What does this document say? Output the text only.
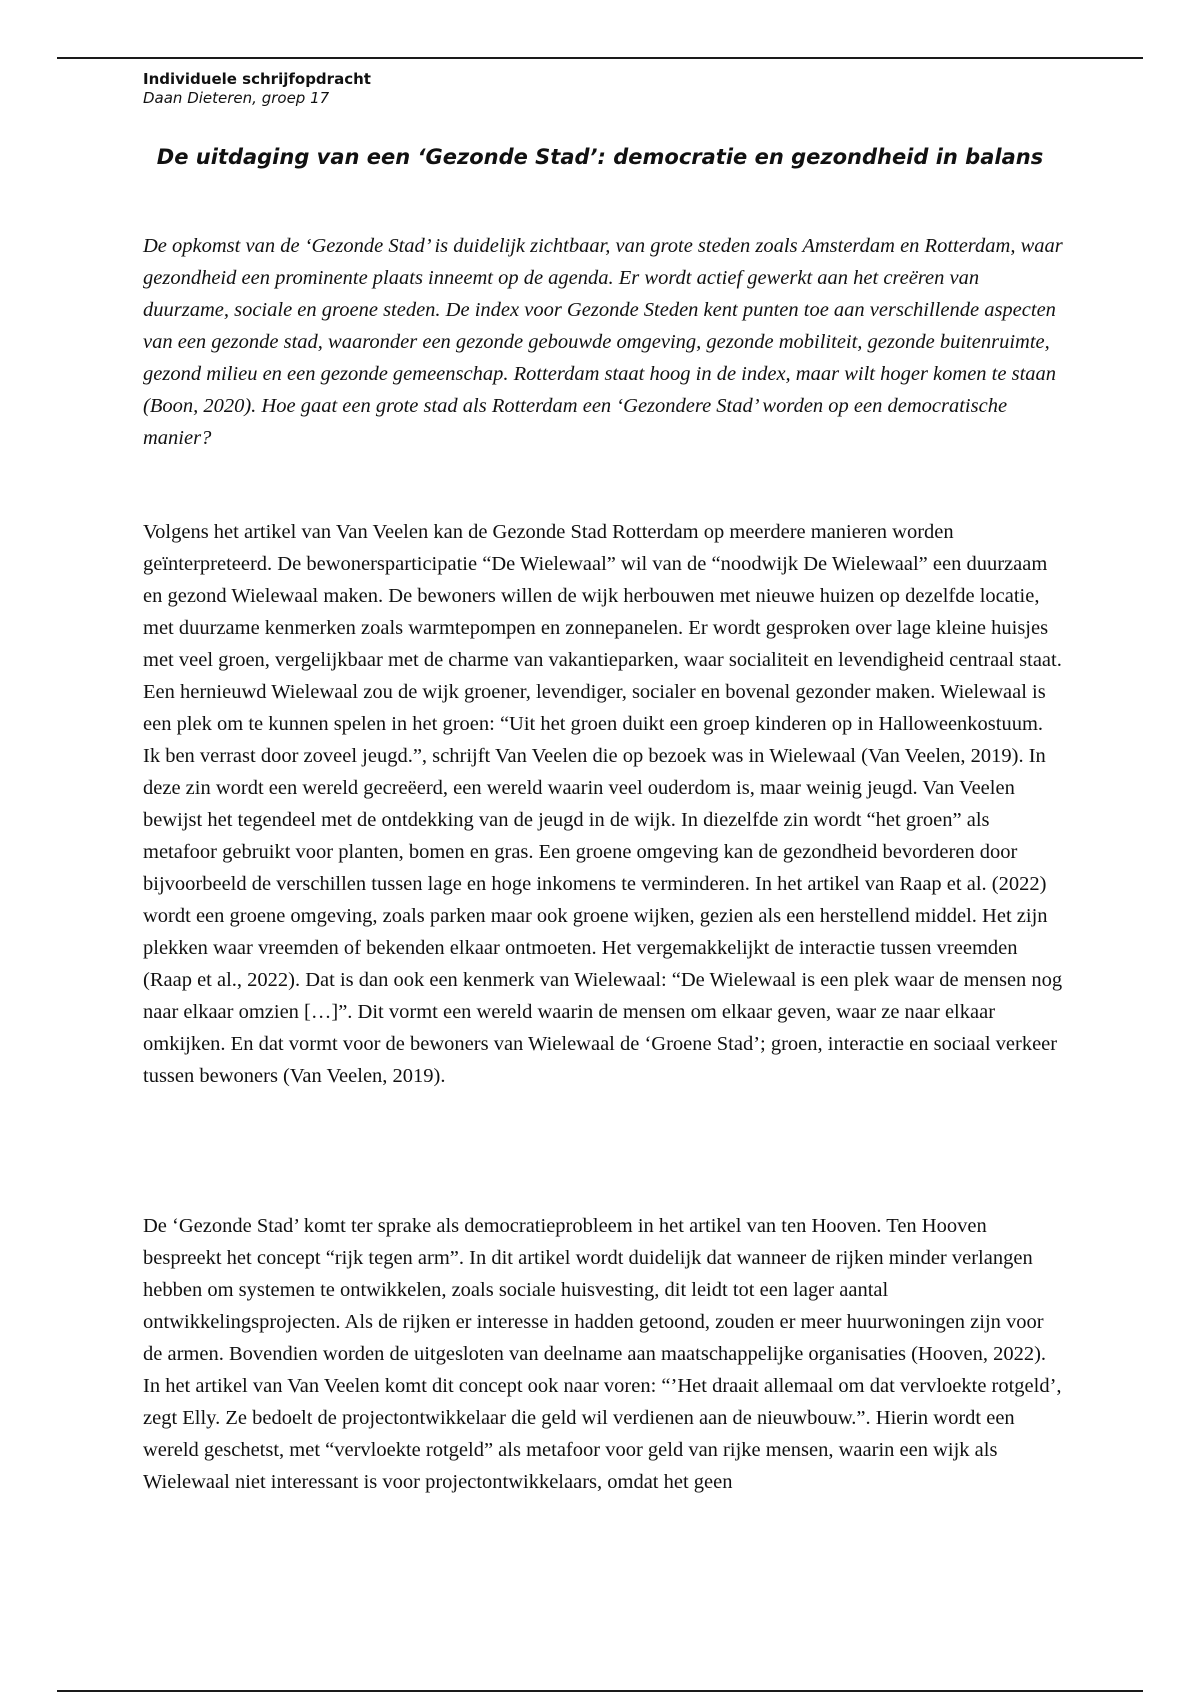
Individuele schrijfopdracht

Daan Dieteren, groep 17

De uitdaging van een ‘Gezonde Stad’: democratie en gezondheid in balans

De opkomst van de ‘Gezonde Stad’ is duidelijk zichtbaar, van grote steden zoals Amsterdam en Rotterdam, waar gezondheid een prominente plaats inneemt op de agenda. Er wordt actief gewerkt aan het creëren van duurzame, sociale en groene steden. De index voor Gezonde Steden kent punten toe aan verschillende aspecten van een gezonde stad, waaronder een gezonde gebouwde omgeving, gezonde mobiliteit, gezonde buitenruimte, gezond milieu en een gezonde gemeenschap. Rotterdam staat hoog in de index, maar wilt hoger komen te staan (Boon, 2020). Hoe gaat een grote stad als Rotterdam een ‘Gezondere Stad’ worden op een democratische manier?

Volgens het artikel van Van Veelen kan de Gezonde Stad Rotterdam op meerdere manieren worden geïnterpreteerd. De bewonersparticipatie “De Wielewaal” wil van de “noodwijk De Wielewaal” een duurzaam en gezond Wielewaal maken. De bewoners willen de wijk herbouwen met nieuwe huizen op dezelfde locatie, met duurzame kenmerken zoals warmtepompen en zonnepanelen. Er wordt gesproken over lage kleine huisjes met veel groen, vergelijkbaar met de charme van vakantieparken, waar socialiteit en levendigheid centraal staat. Een hernieuwd Wielewaal zou de wijk groener, levendiger, socialer en bovenal gezonder maken. Wielewaal is een plek om te kunnen spelen in het groen: “Uit het groen duikt een groep kinderen op in Halloweenkostuum. Ik ben verrast door zoveel jeugd.”, schrijft Van Veelen die op bezoek was in Wielewaal (Van Veelen, 2019). In deze zin wordt een wereld gecreëerd, een wereld waarin veel ouderdom is, maar weinig jeugd. Van Veelen bewijst het tegendeel met de ontdekking van de jeugd in de wijk. In diezelfde zin wordt “het groen” als metafoor gebruikt voor planten, bomen en gras. Een groene omgeving kan de gezondheid bevorderen door bijvoorbeeld de verschillen tussen lage en hoge inkomens te verminderen. In het artikel van Raap et al. (2022) wordt een groene omgeving, zoals parken maar ook groene wijken, gezien als een herstellend middel. Het zijn plekken waar vreemden of bekenden elkaar ontmoeten. Het vergemakkelijkt de interactie tussen vreemden (Raap et al., 2022). Dat is dan ook een kenmerk van Wielewaal: “De Wielewaal is een plek waar de mensen nog naar elkaar omzien […]”. Dit vormt een wereld waarin de mensen om elkaar geven, waar ze naar elkaar omkijken. En dat vormt voor de bewoners van Wielewaal de ‘Groene Stad’; groen, interactie en sociaal verkeer tussen bewoners (Van Veelen, 2019).

De ‘Gezonde Stad’ komt ter sprake als democratieprobleem in het artikel van ten Hooven. Ten Hooven bespreekt het concept “rijk tegen arm”. In dit artikel wordt duidelijk dat wanneer de rijken minder verlangen hebben om systemen te ontwikkelen, zoals sociale huisvesting, dit leidt tot een lager aantal ontwikkelingsprojecten. Als de rijken er interesse in hadden getoond, zouden er meer huurwoningen zijn voor de armen. Bovendien worden de uitgesloten van deelname aan maatschappelijke organisaties (Hooven, 2022). In het artikel van Van Veelen komt dit concept ook naar voren: “’Het draait allemaal om dat vervloekte rotgeld’, zegt Elly. Ze bedoelt de projectontwikkelaar die geld wil verdienen aan de nieuwbouw.”. Hierin wordt een wereld geschetst, met “vervloekte rotgeld” als metafoor voor geld van rijke mensen, waarin een wijk als Wielewaal niet interessant is voor projectontwikkelaars, omdat het geen
